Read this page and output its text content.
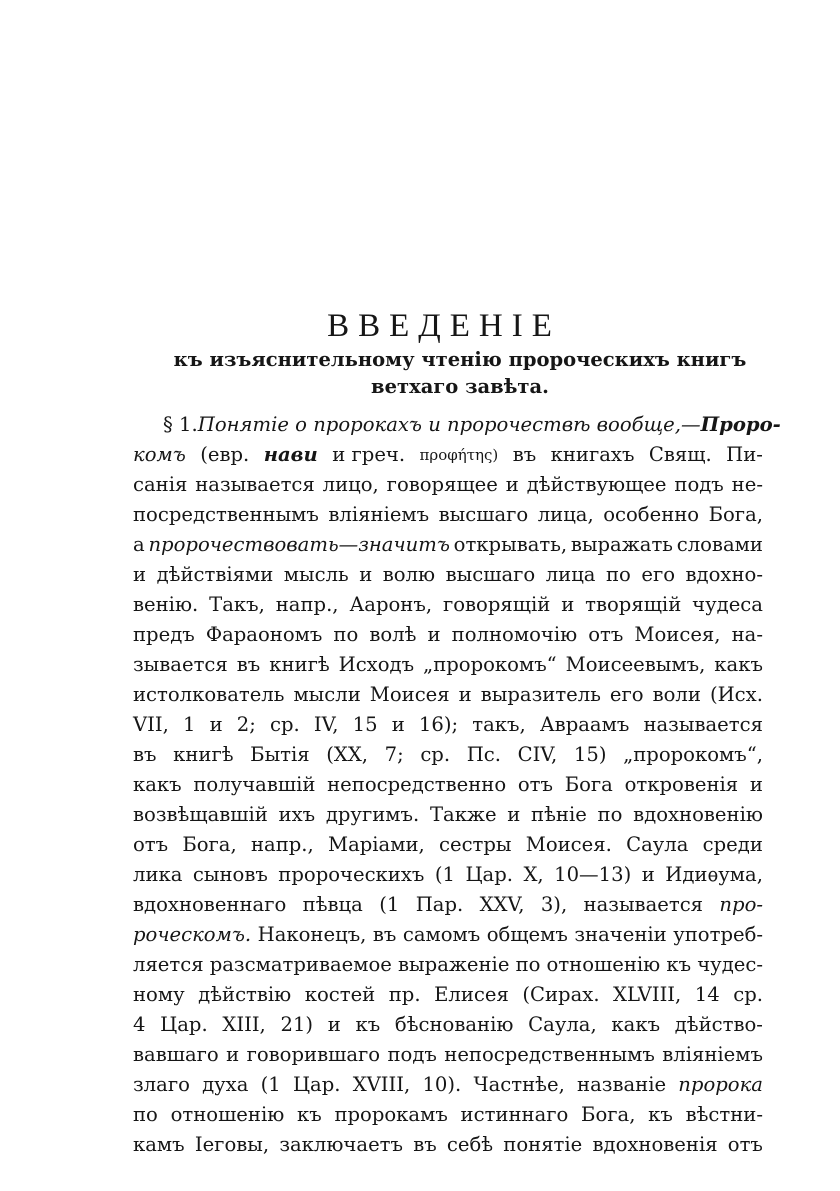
ВВЕДЕНІЕ
къ изъяснительному чтенію пророческихъ книгъ
ветхаго завѣта.
§ 1. Понятіе о пророкахъ и пророчествѣ вообще,— Проро-
комъ (евр. нави и греч. προφήτης) въ книгахъ Свящ. Пи-
санія называется лицо, говорящее и дѣйствующее подъ не-
посредственнымъ вліяніемъ высшаго лица, особенно Бога,
а пророчествовать—значитъ открывать, выражать словами
и дѣйствіями мысль и волю высшаго лица по его вдохно-
венію. Такъ, напр., Ааронъ, говорящій и творящій чудеса
предъ Фараономъ по волѣ и полномочію отъ Моисея, на-
зывается въ книгѣ Исходъ „пророкомъ“ Моисеевымъ, какъ
истолкователь мысли Моисея и выразитель его воли (Исх.
VII, 1 и 2; ср. IV, 15 и 16); такъ, Авраамъ называется
въ книгѣ Бытія (XX, 7; ср. Пс. CIV, 15) „пророкомъ“,
какъ получавшій непосредственно отъ Бога откровенія и
возвѣщавшій ихъ другимъ. Также и пѣніе по вдохновенію
отъ Бога, напр., Маріами, сестры Моисея. Саула среди
лика сыновъ пророческихъ (1 Цар. X, 10—13) и Идиѳума,
вдохновеннаго пѣвца (1 Пар. XXV, 3), называется про-
роческомъ. Наконецъ, въ самомъ общемъ значеніи употреб-
ляется разсматриваемое выраженіе по отношенію къ чудес-
ному дѣйствію костей пр. Елисея (Сирах. XLVIII, 14 ср.
4 Цар. XIII, 21) и къ бѣснованію Саула, какъ дѣйство-
вавшаго и говорившаго подъ непосредственнымъ вліяніемъ
злаго духа (1 Цар. XVIII, 10). Частнѣе, названіе пророка
по отношенію къ пророкамъ истиннаго Бога, къ вѣстни-
камъ Іеговы, заключаетъ въ себѣ понятіе вдохновенія отъ
